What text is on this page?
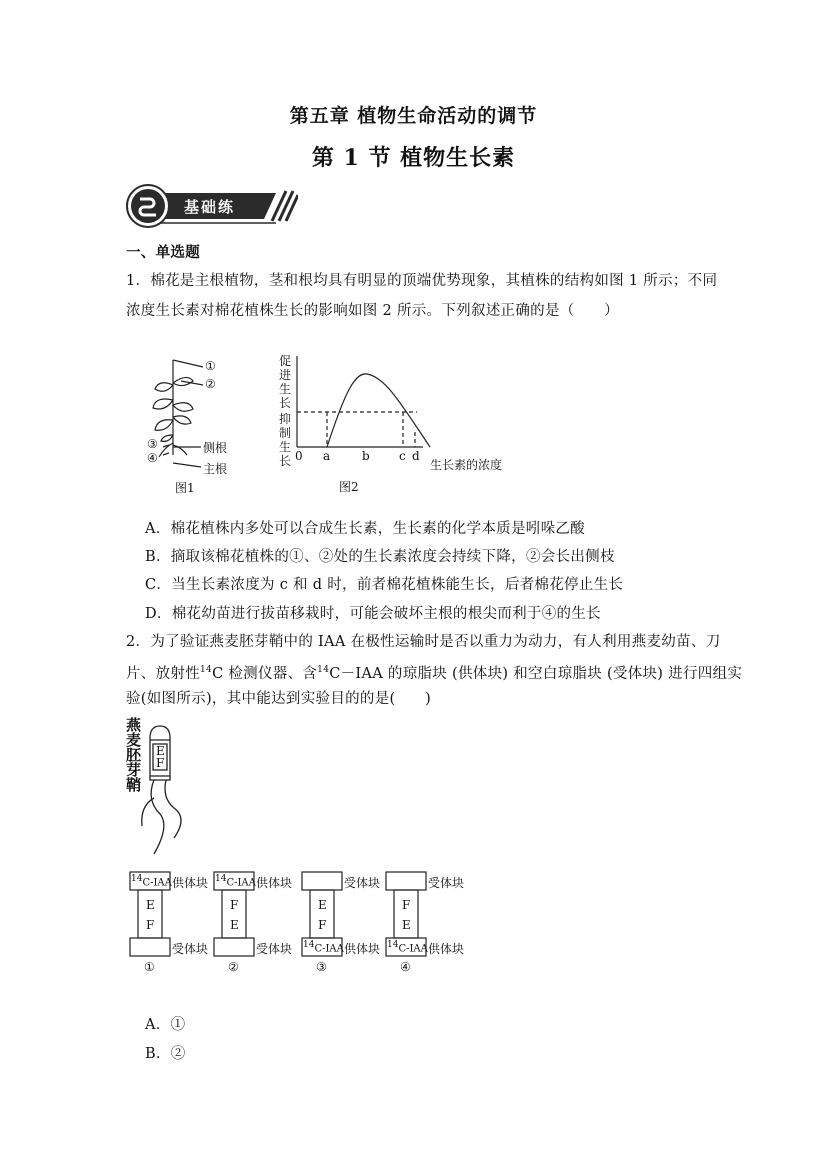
第五章 植物生命活动的调节
第 1 节 植物生长素
基础练
一、单选题
1．棉花是主根植物，茎和根均具有明显的顶端优势现象，其植株的结构如图 1 所示；不同
浓度生长素对棉花植株生长的影响如图 2 所示。下列叙述正确的是（　　）
①
②
③
④
侧根
主根
图1
促
进
生
长
抑
制
生
长 0 a	b c d
生长素的浓度
图2
A．棉花植株内多处可以合成生长素，生长素的化学本质是吲哚乙酸
B．摘取该棉花植株的①、②处的生长素浓度会持续下降，②会长出侧枝
C．当生长素浓度为 c 和 d 时，前者棉花植株能生长，后者棉花停止生长
D．棉花幼苗进行拔苗移栽时，可能会破坏主根的根尖而利于④的生长
2．为了验证燕麦胚芽鞘中的 IAA 在极性运输时是否以重力为动力，有人利用燕麦幼苗、刀
片、放射性$^{14}$C 检测仪器、含$^{14}$C－IAA 的琼脂块 (供体块) 和空白琼脂块 (受体块) 进行四组实
验(如图所示)，其中能达到实验目的的是(　　)
燕
麦
胚
芽
鞘
E
F
$^{14}$C-IAA 供体块
E
F
受体块
①
$^{14}$C-IAA 供体块
F
E
受体块
②
受体块
E
F
$^{14}$C-IAA 供体块
③
受体块
F
E
$^{14}$C-IAA 供体块
④
A．①
B．②
